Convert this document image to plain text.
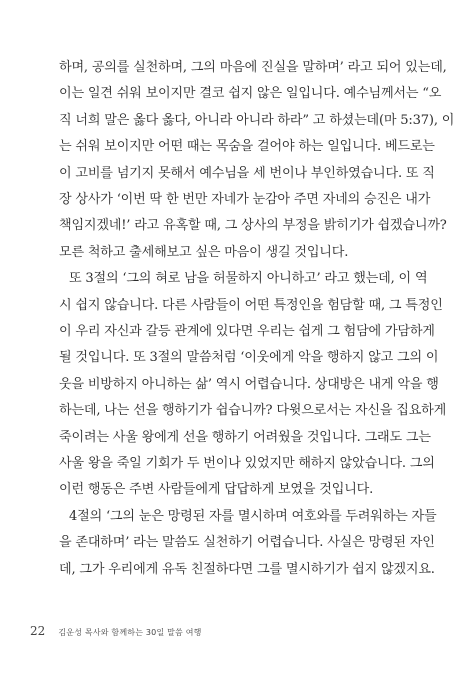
하며, 공의를 실천하며, 그의 마음에 진실을 말하며’ 라고 되어 있는데,
이는 일견 쉬워 보이지만 결코 쉽지 않은 일입니다. 예수님께서는 “오
직 너희 말은 옳다 옳다, 아니라 아니라 하라” 고 하셨는데(마 5:37), 이
는 쉬워 보이지만 어떤 때는 목숨을 걸어야 하는 일입니다. 베드로는
이 고비를 넘기지 못해서 예수님을 세 번이나 부인하였습니다. 또 직
장 상사가 ‘이번 딱 한 번만 자네가 눈감아 주면 자네의 승진은 내가
책임지겠네!’ 라고 유혹할 때, 그 상사의 부정을 밝히기가 쉽겠습니까?
모른 척하고 출세해보고 싶은 마음이 생길 것입니다.
또 3절의 ‘그의 혀로 남을 허물하지 아니하고’ 라고 했는데, 이 역
시 쉽지 않습니다. 다른 사람들이 어떤 특정인을 험담할 때, 그 특정인
이 우리 자신과 갈등 관계에 있다면 우리는 쉽게 그 험담에 가담하게
될 것입니다. 또 3절의 말씀처럼 ‘이웃에게 악을 행하지 않고 그의 이
웃을 비방하지 아니하는 삶’ 역시 어렵습니다. 상대방은 내게 악을 행
하는데, 나는 선을 행하기가 쉽습니까? 다윗으로서는 자신을 집요하게
죽이려는 사울 왕에게 선을 행하기 어려웠을 것입니다. 그래도 그는
사울 왕을 죽일 기회가 두 번이나 있었지만 해하지 않았습니다. 그의
이런 행동은 주변 사람들에게 답답하게 보였을 것입니다.
4절의 ‘그의 눈은 망령된 자를 멸시하며 여호와를 두려워하는 자들
을 존대하며’ 라는 말씀도 실천하기 어렵습니다. 사실은 망령된 자인
데, 그가 우리에게 유독 친절하다면 그를 멸시하기가 쉽지 않겠지요.
22 김운성 목사와 함께하는 30일 말씀 여행
